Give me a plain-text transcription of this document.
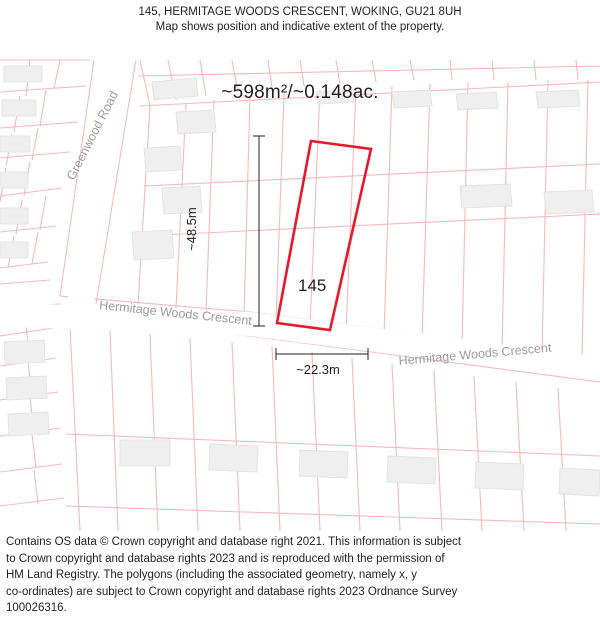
145, HERMITAGE WOODS CRESCENT, WOKING, GU21 8UH
Map shows position and indicative extent of the property.
~598m²/~0.148ac.
145
~22.3m
Greenwood Road
Hermitage Woods Crescent
Hermitage Woods Crescent

Contains OS data © Crown copyright and database right 2021. This information is subject

to Crown copyright and database rights 2023 and is reproduced with the permission of

HM Land Registry. The polygons (including the associated geometry, namely x, y

co-ordinates) are subject to Crown copyright and database rights 2023 Ordnance Survey

100026316.
